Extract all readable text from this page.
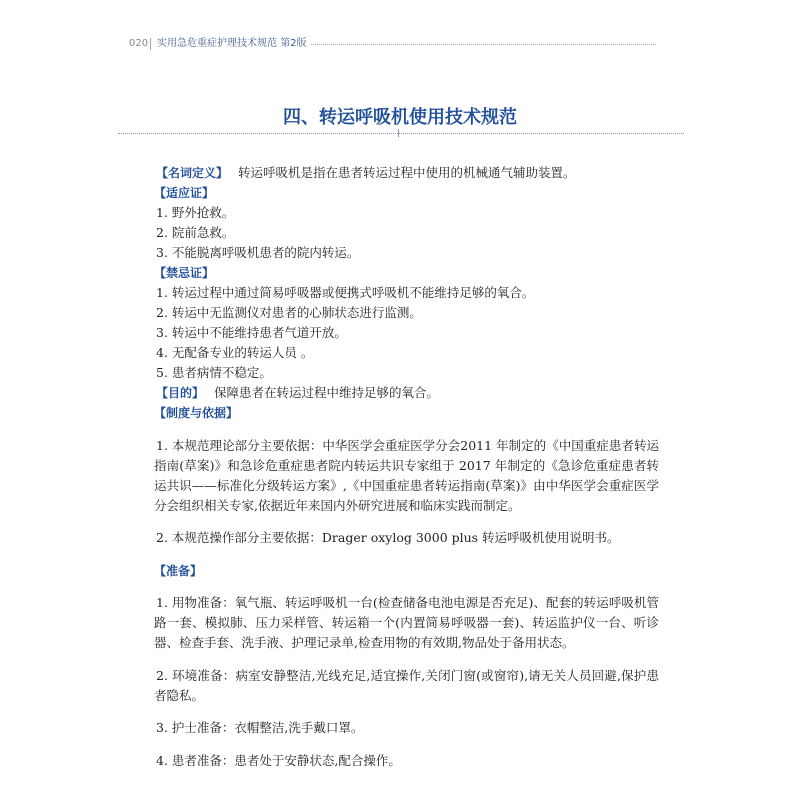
020 实用急危重症护理技术规范 第2版
四、转运呼吸机使用技术规范

【名词定义】 转运呼吸机是指在患者转运过程中使用的机械通气辅助装置。

【适应证】

1. 野外抢救。

2. 院前急救。

3. 不能脱离呼吸机患者的院内转运。

【禁忌证】

1. 转运过程中通过简易呼吸器或便携式呼吸机不能维持足够的氧合。

2. 转运中无监测仪对患者的心肺状态进行监测。

3. 转运中不能维持患者气道开放。

4. 无配备专业的转运人员 。

5. 患者病情不稳定。

【目的】 保障患者在转运过程中维持足够的氧合。

【制度与依据】

1. 本规范理论部分主要依据：中华医学会重症医学分会2011 年制定的《中国重症患者转运指南(草案)》和急诊危重症患者院内转运共识专家组于 2017 年制定的《急诊危重症患者转运共识——标准化分级转运方案》,《中国重症患者转运指南(草案)》由中华医学会重症医学分会组织相关专家,依据近年来国内外研究进展和临床实践而制定。

2. 本规范操作部分主要依据：Drager oxylog 3000 plus 转运呼吸机使用说明书。

【准备】

1. 用物准备：氧气瓶、转运呼吸机一台(检查储备电池电源是否充足)、配套的转运呼吸机管路一套、模拟肺、压力采样管、转运箱一个(内置简易呼吸器一套)、转运监护仪一台、听诊器、检查手套、洗手液、护理记录单,检查用物的有效期,物品处于备用状态。

2. 环境准备：病室安静整洁,光线充足,适宜操作,关闭门窗(或窗帘),请无关人员回避,保护患者隐私。

3. 护士准备：衣帽整洁,洗手戴口罩。

4. 患者准备：患者处于安静状态,配合操作。
